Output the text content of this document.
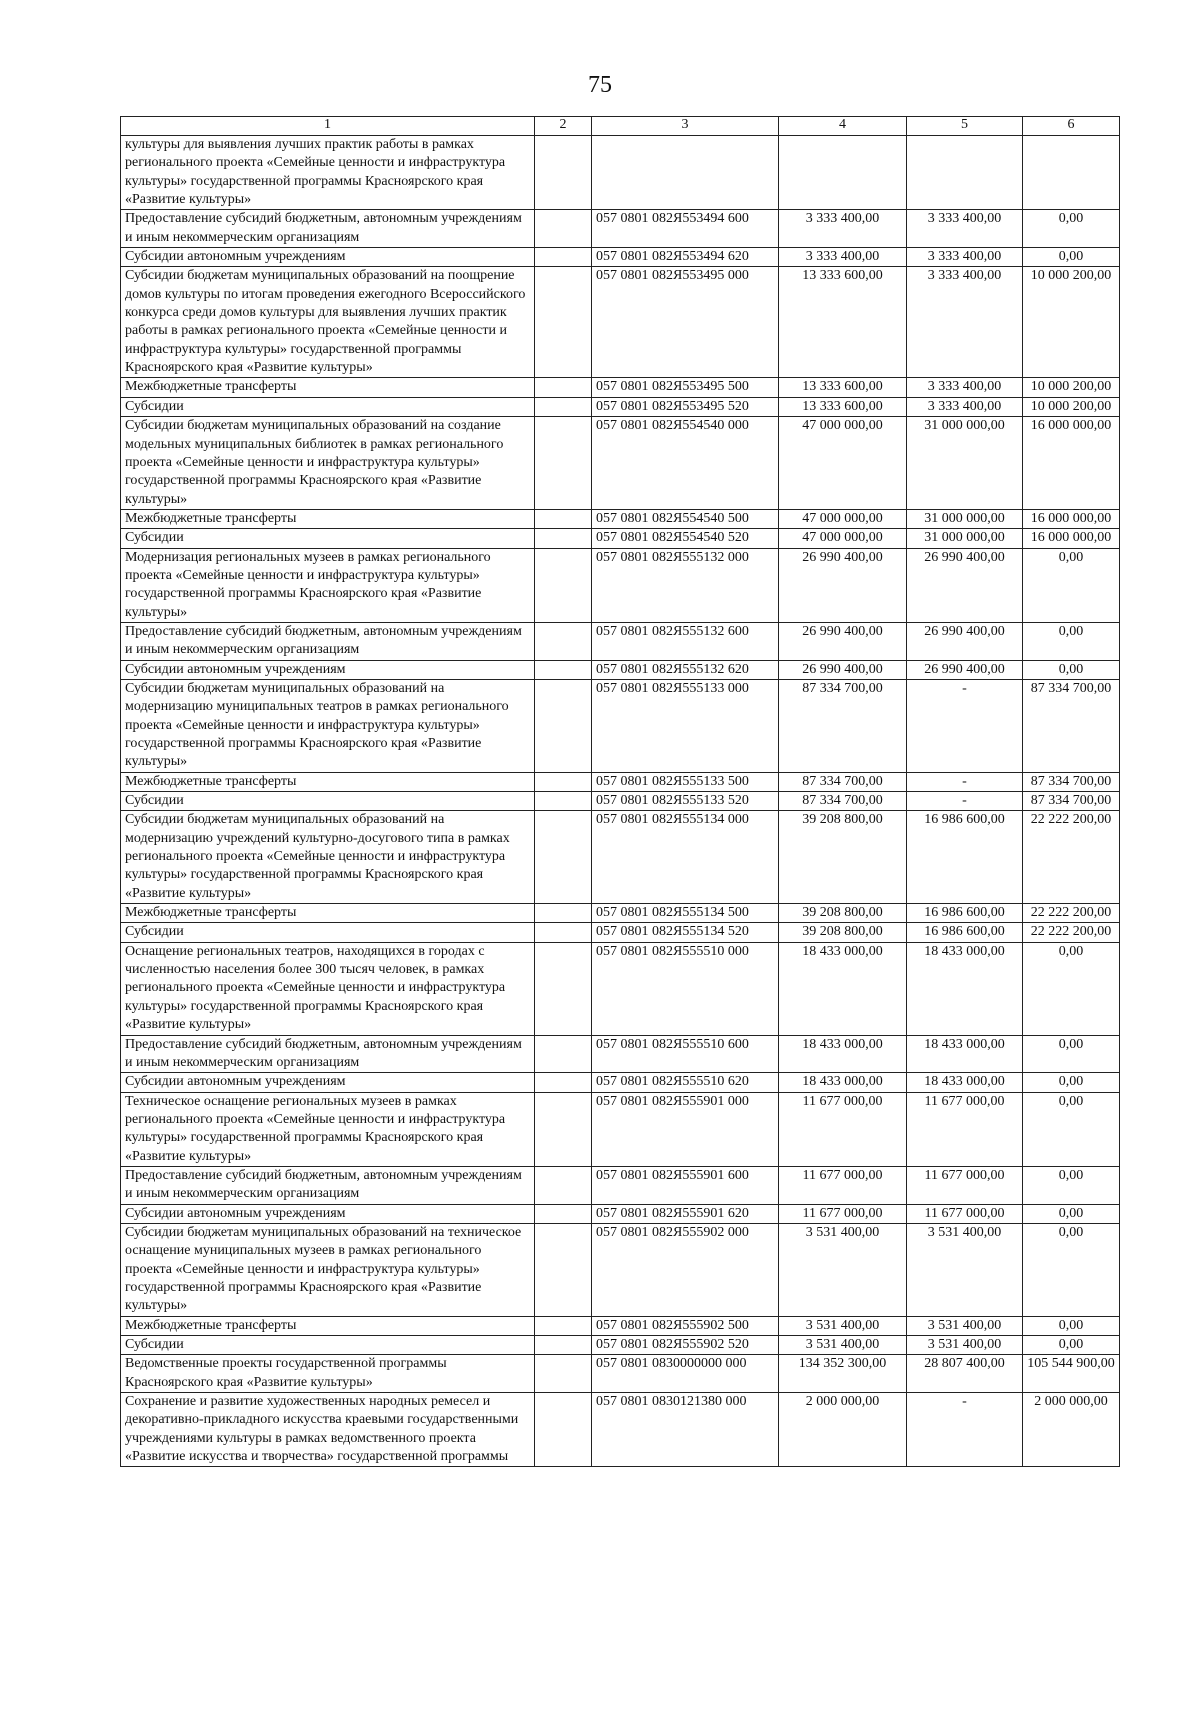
75
1	2	3	4	5	6
культуры для выявления лучших практик работы в рамках регионального проекта «Семейные ценности и инфраструктура культуры» государственной программы Красноярского края «Развитие культуры»					
Предоставление субсидий бюджетным, автономным учреждениям и иным некоммерческим организациям		057 0801 082Я553494 600	3 333 400,00	3 333 400,00	0,00
Субсидии автономным учреждениям		057 0801 082Я553494 620	3 333 400,00	3 333 400,00	0,00
Субсидии бюджетам муниципальных образований на поощрение домов культуры по итогам проведения ежегодного Всероссийского конкурса среди домов культуры для выявления лучших практик работы в рамках регионального проекта «Семейные ценности и инфраструктура культуры» государственной программы Красноярского края «Развитие культуры»		057 0801 082Я553495 000	13 333 600,00	3 333 400,00	10 000 200,00
Межбюджетные трансферты		057 0801 082Я553495 500	13 333 600,00	3 333 400,00	10 000 200,00
Субсидии		057 0801 082Я553495 520	13 333 600,00	3 333 400,00	10 000 200,00
Субсидии бюджетам муниципальных образований на создание модельных муниципальных библиотек в рамках регионального проекта «Семейные ценности и инфраструктура культуры» государственной программы Красноярского края «Развитие культуры»		057 0801 082Я554540 000	47 000 000,00	31 000 000,00	16 000 000,00
Межбюджетные трансферты		057 0801 082Я554540 500	47 000 000,00	31 000 000,00	16 000 000,00
Субсидии		057 0801 082Я554540 520	47 000 000,00	31 000 000,00	16 000 000,00
Модернизация региональных музеев в рамках регионального проекта «Семейные ценности и инфраструктура культуры» государственной программы Красноярского края «Развитие культуры»		057 0801 082Я555132 000	26 990 400,00	26 990 400,00	0,00
Предоставление субсидий бюджетным, автономным учреждениям и иным некоммерческим организациям		057 0801 082Я555132 600	26 990 400,00	26 990 400,00	0,00
Субсидии автономным учреждениям		057 0801 082Я555132 620	26 990 400,00	26 990 400,00	0,00
Субсидии бюджетам муниципальных образований на модернизацию муниципальных театров в рамках регионального проекта «Семейные ценности и инфраструктура культуры» государственной программы Красноярского края «Развитие культуры»		057 0801 082Я555133 000	87 334 700,00	-	87 334 700,00
Межбюджетные трансферты		057 0801 082Я555133 500	87 334 700,00	-	87 334 700,00
Субсидии		057 0801 082Я555133 520	87 334 700,00	-	87 334 700,00
Субсидии бюджетам муниципальных образований на модернизацию учреждений культурно-досугового типа в рамках регионального проекта «Семейные ценности и инфраструктура культуры» государственной программы Красноярского края «Развитие культуры»		057 0801 082Я555134 000	39 208 800,00	16 986 600,00	22 222 200,00
Межбюджетные трансферты		057 0801 082Я555134 500	39 208 800,00	16 986 600,00	22 222 200,00
Субсидии		057 0801 082Я555134 520	39 208 800,00	16 986 600,00	22 222 200,00
Оснащение региональных театров, находящихся в городах с численностью населения более 300 тысяч человек, в рамках регионального проекта «Семейные ценности и инфраструктура культуры» государственной программы Красноярского края «Развитие культуры»		057 0801 082Я555510 000	18 433 000,00	18 433 000,00	0,00
Предоставление субсидий бюджетным, автономным учреждениям и иным некоммерческим организациям		057 0801 082Я555510 600	18 433 000,00	18 433 000,00	0,00
Субсидии автономным учреждениям		057 0801 082Я555510 620	18 433 000,00	18 433 000,00	0,00
Техническое оснащение региональных музеев в рамках регионального проекта «Семейные ценности и инфраструктура культуры» государственной программы Красноярского края «Развитие культуры»		057 0801 082Я555901 000	11 677 000,00	11 677 000,00	0,00
Предоставление субсидий бюджетным, автономным учреждениям и иным некоммерческим организациям		057 0801 082Я555901 600	11 677 000,00	11 677 000,00	0,00
Субсидии автономным учреждениям		057 0801 082Я555901 620	11 677 000,00	11 677 000,00	0,00
Субсидии бюджетам муниципальных образований на техническое оснащение муниципальных музеев в рамках регионального проекта «Семейные ценности и инфраструктура культуры» государственной программы Красноярского края «Развитие культуры»		057 0801 082Я555902 000	3 531 400,00	3 531 400,00	0,00
Межбюджетные трансферты		057 0801 082Я555902 500	3 531 400,00	3 531 400,00	0,00
Субсидии		057 0801 082Я555902 520	3 531 400,00	3 531 400,00	0,00
Ведомственные проекты государственной программы Красноярского края «Развитие культуры»		057 0801 0830000000 000	134 352 300,00	28 807 400,00	105 544 900,00
Сохранение и развитие художественных народных ремесел и декоративно-прикладного искусства краевыми государственными учреждениями культуры в рамках ведомственного проекта «Развитие искусства и творчества» государственной программы		057 0801 0830121380 000	2 000 000,00	-	2 000 000,00
